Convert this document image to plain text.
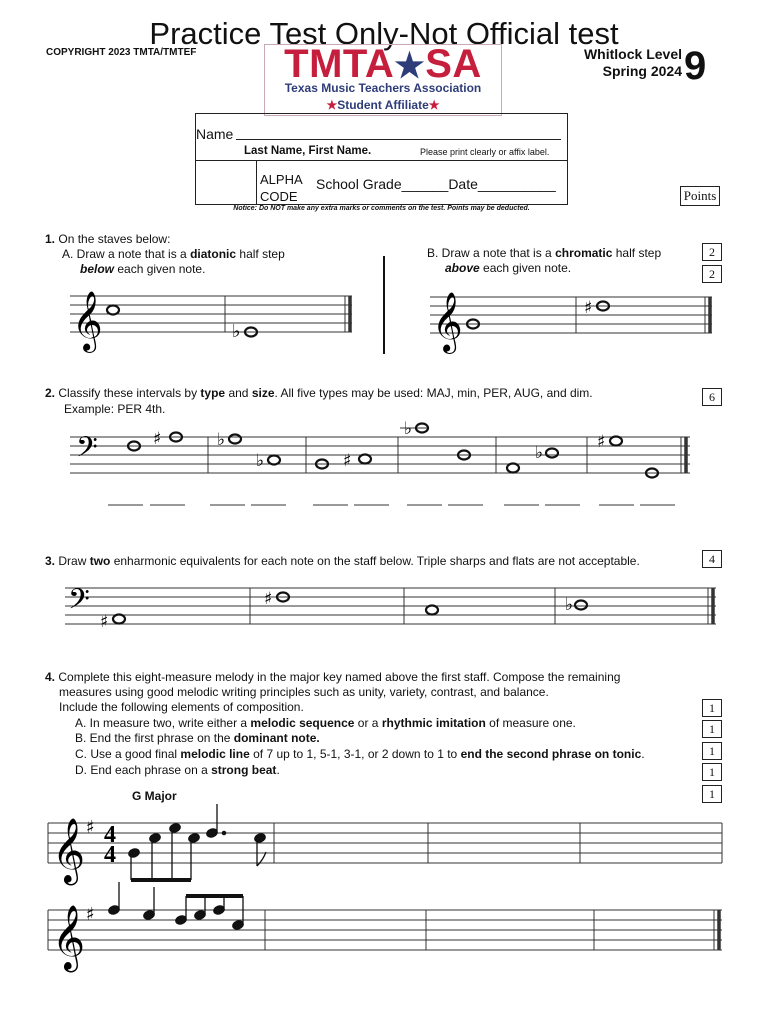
Practice Test Only-Not Official test
COPYRIGHT 2023 TMTA/TMTEF	TMTA★SA
Texas Music Teachers Association
★Student Affiliate★
Whitlock Level
Spring 2024 9
Name
Last Name, First Name.	Please print clearly or affix label.
ALPHA
CODE
School Grade______Date__________
Notice: Do NOT make any extra marks or comments on the test. Points may be deducted.
Points
1. On the staves below:
A. Draw a note that is a diatonic half step
below each given note.
B. Draw a note that is a chromatic half step
above each given note.
2
2
2. Classify these intervals by type and size. All five types may be used: MAJ, min, PER, AUG, and dim.
Example: PER 4th.
6
3. Draw two enharmonic equivalents for each note on the staff below. Triple sharps and flats are not acceptable.	4
4. Complete this eight-measure melody in the major key named above the first staff. Compose the remaining
measures using good melodic writing principles such as unity, variety, contrast, and balance.
Include the following elements of composition.
A. In measure two, write either a melodic sequence or a rhythmic imitation of measure one.
B. End the first phrase on the dominant note.
C. Use a good final melodic line of 7 up to 1, 5-1, 3-1, or 2 down to 1 to end the second phrase on tonic.
D. End each phrase on a strong beat.
1
1
1
1
1
G Major
𝄞	♭	𝄞	♯
𝄢	♯	♭
♭	♯
♭
♭
♯
𝄢 ♯
♯	♭
𝄞 ♯ 4
4
𝄞 ♯
